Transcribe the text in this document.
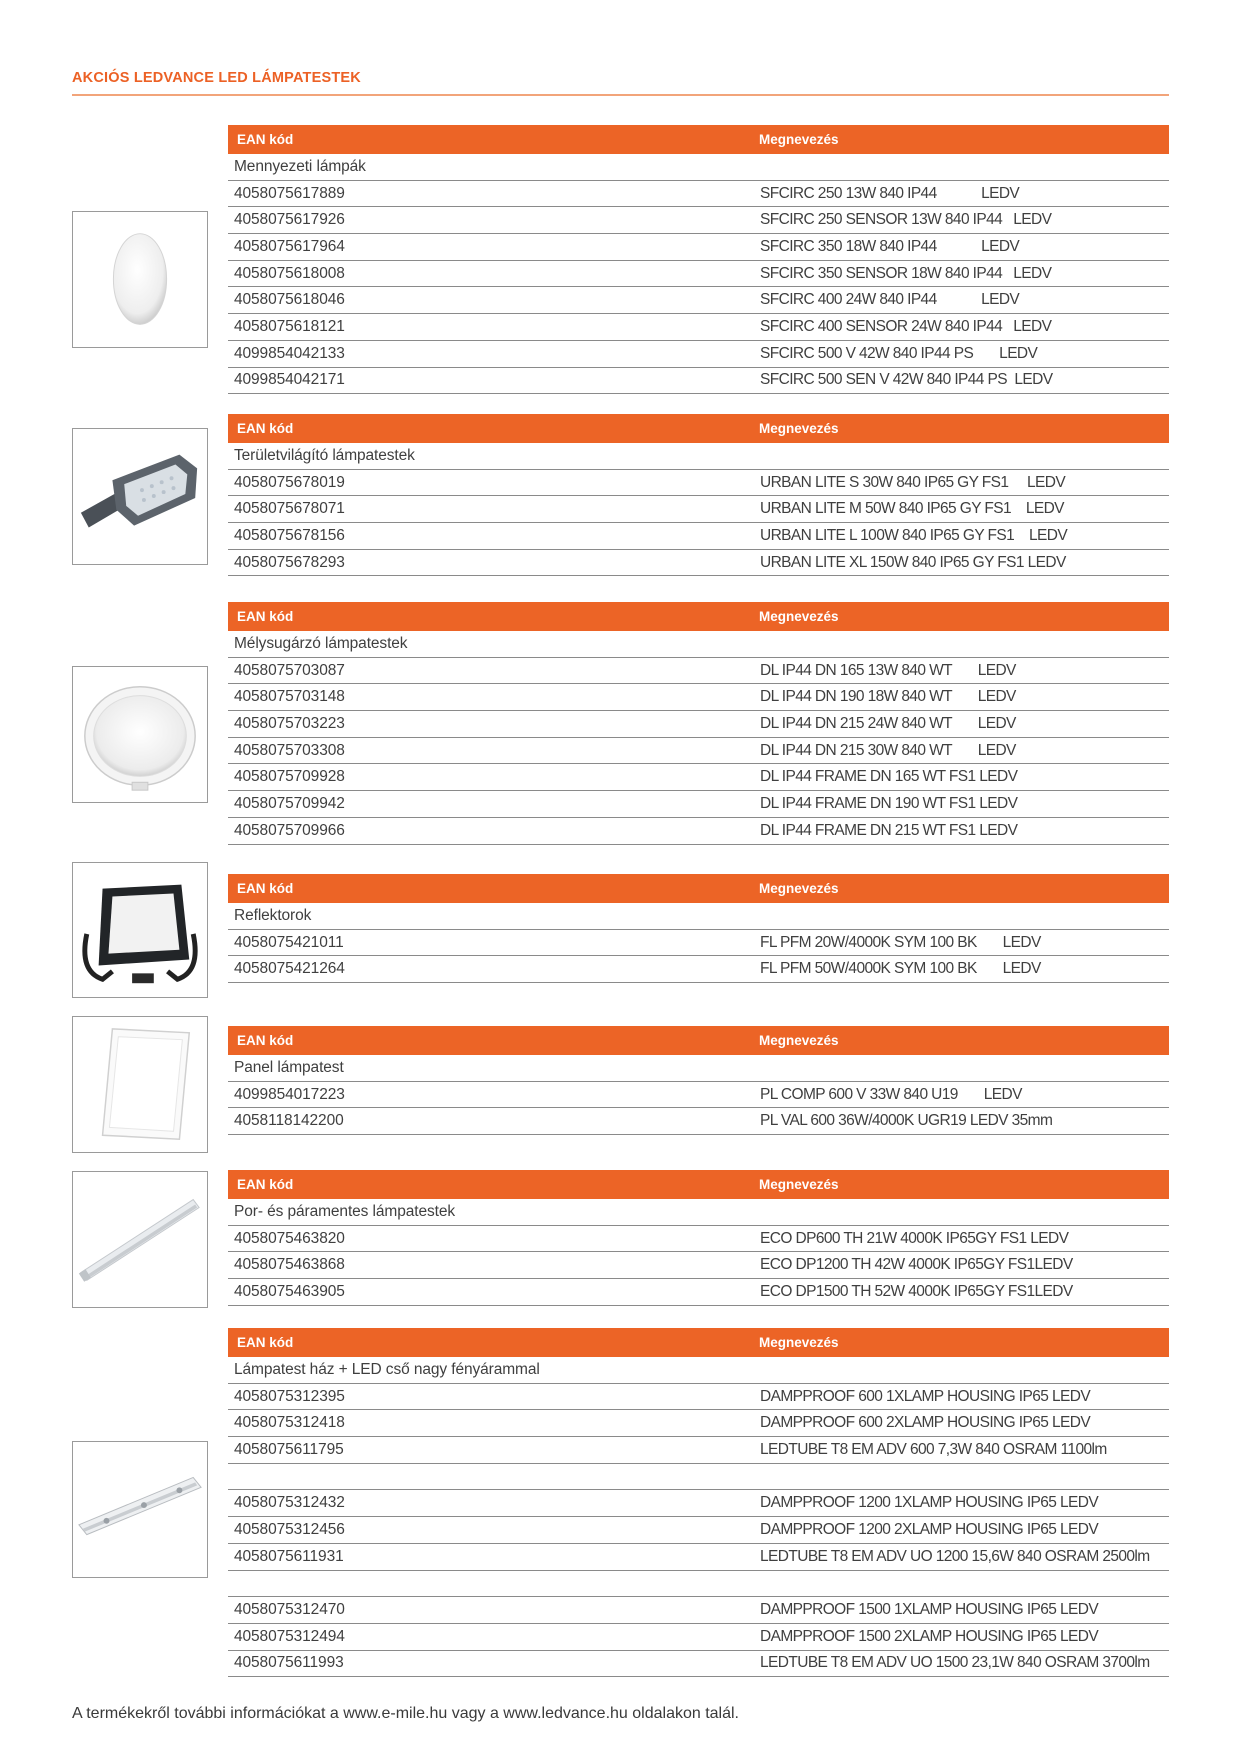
AKCIÓS LEDVANCE LED LÁMPATESTEK
EAN kód	Megnevezés
Mennyezeti lámpák
4058075617889	SFCIRC 250 13W 840 IP44            LEDV
4058075617926	SFCIRC 250 SENSOR 13W 840 IP44   LEDV
4058075617964	SFCIRC 350 18W 840 IP44            LEDV
4058075618008	SFCIRC 350 SENSOR 18W 840 IP44   LEDV
4058075618046	SFCIRC 400 24W 840 IP44            LEDV
4058075618121	SFCIRC 400 SENSOR 24W 840 IP44   LEDV
4099854042133	SFCIRC 500 V 42W 840 IP44 PS       LEDV
4099854042171	SFCIRC 500 SEN V 42W 840 IP44 PS  LEDV
EAN kód	Megnevezés
Területvilágító lámpatestek
4058075678019	URBAN LITE S 30W 840 IP65 GY FS1     LEDV
4058075678071	URBAN LITE M 50W 840 IP65 GY FS1    LEDV
4058075678156	URBAN LITE L 100W 840 IP65 GY FS1    LEDV
4058075678293	URBAN LITE XL 150W 840 IP65 GY FS1 LEDV
EAN kód	Megnevezés
Mélysugárzó lámpatestek
4058075703087	DL IP44 DN 165 13W 840 WT       LEDV
4058075703148	DL IP44 DN 190 18W 840 WT       LEDV
4058075703223	DL IP44 DN 215 24W 840 WT       LEDV
4058075703308	DL IP44 DN 215 30W 840 WT       LEDV
4058075709928	DL IP44 FRAME DN 165 WT FS1 LEDV
4058075709942	DL IP44 FRAME DN 190 WT FS1 LEDV
4058075709966	DL IP44 FRAME DN 215 WT FS1 LEDV
EAN kód	Megnevezés
Reflektorok
4058075421011	FL PFM 20W/4000K SYM 100 BK       LEDV
4058075421264	FL PFM 50W/4000K SYM 100 BK       LEDV
EAN kód	Megnevezés
Panel lámpatest
4099854017223	PL COMP 600 V 33W 840 U19       LEDV
4058118142200	PL VAL 600 36W/4000K UGR19 LEDV 35mm
EAN kód	Megnevezés
Por- és páramentes lámpatestek
4058075463820	ECO DP600 TH 21W 4000K IP65GY FS1 LEDV
4058075463868	ECO DP1200 TH 42W 4000K IP65GY FS1LEDV
4058075463905	ECO DP1500 TH 52W 4000K IP65GY FS1LEDV
EAN kód	Megnevezés
Lámpatest ház + LED cső nagy fényárammal
4058075312395	DAMPPROOF 600 1XLAMP HOUSING IP65 LEDV
4058075312418	DAMPPROOF 600 2XLAMP HOUSING IP65 LEDV
4058075611795	LEDTUBE T8 EM ADV 600 7,3W 840 OSRAM 1100lm
4058075312432	DAMPPROOF 1200 1XLAMP HOUSING IP65 LEDV
4058075312456	DAMPPROOF 1200 2XLAMP HOUSING IP65 LEDV
4058075611931	LEDTUBE T8 EM ADV UO 1200 15,6W 840 OSRAM 2500lm
4058075312470	DAMPPROOF 1500 1XLAMP HOUSING IP65 LEDV
4058075312494	DAMPPROOF 1500 2XLAMP HOUSING IP65 LEDV
4058075611993	LEDTUBE T8 EM ADV UO 1500 23,1W 840 OSRAM 3700lm
A termékekről további információkat a www.e-mile.hu vagy a www.ledvance.hu oldalakon talál.
